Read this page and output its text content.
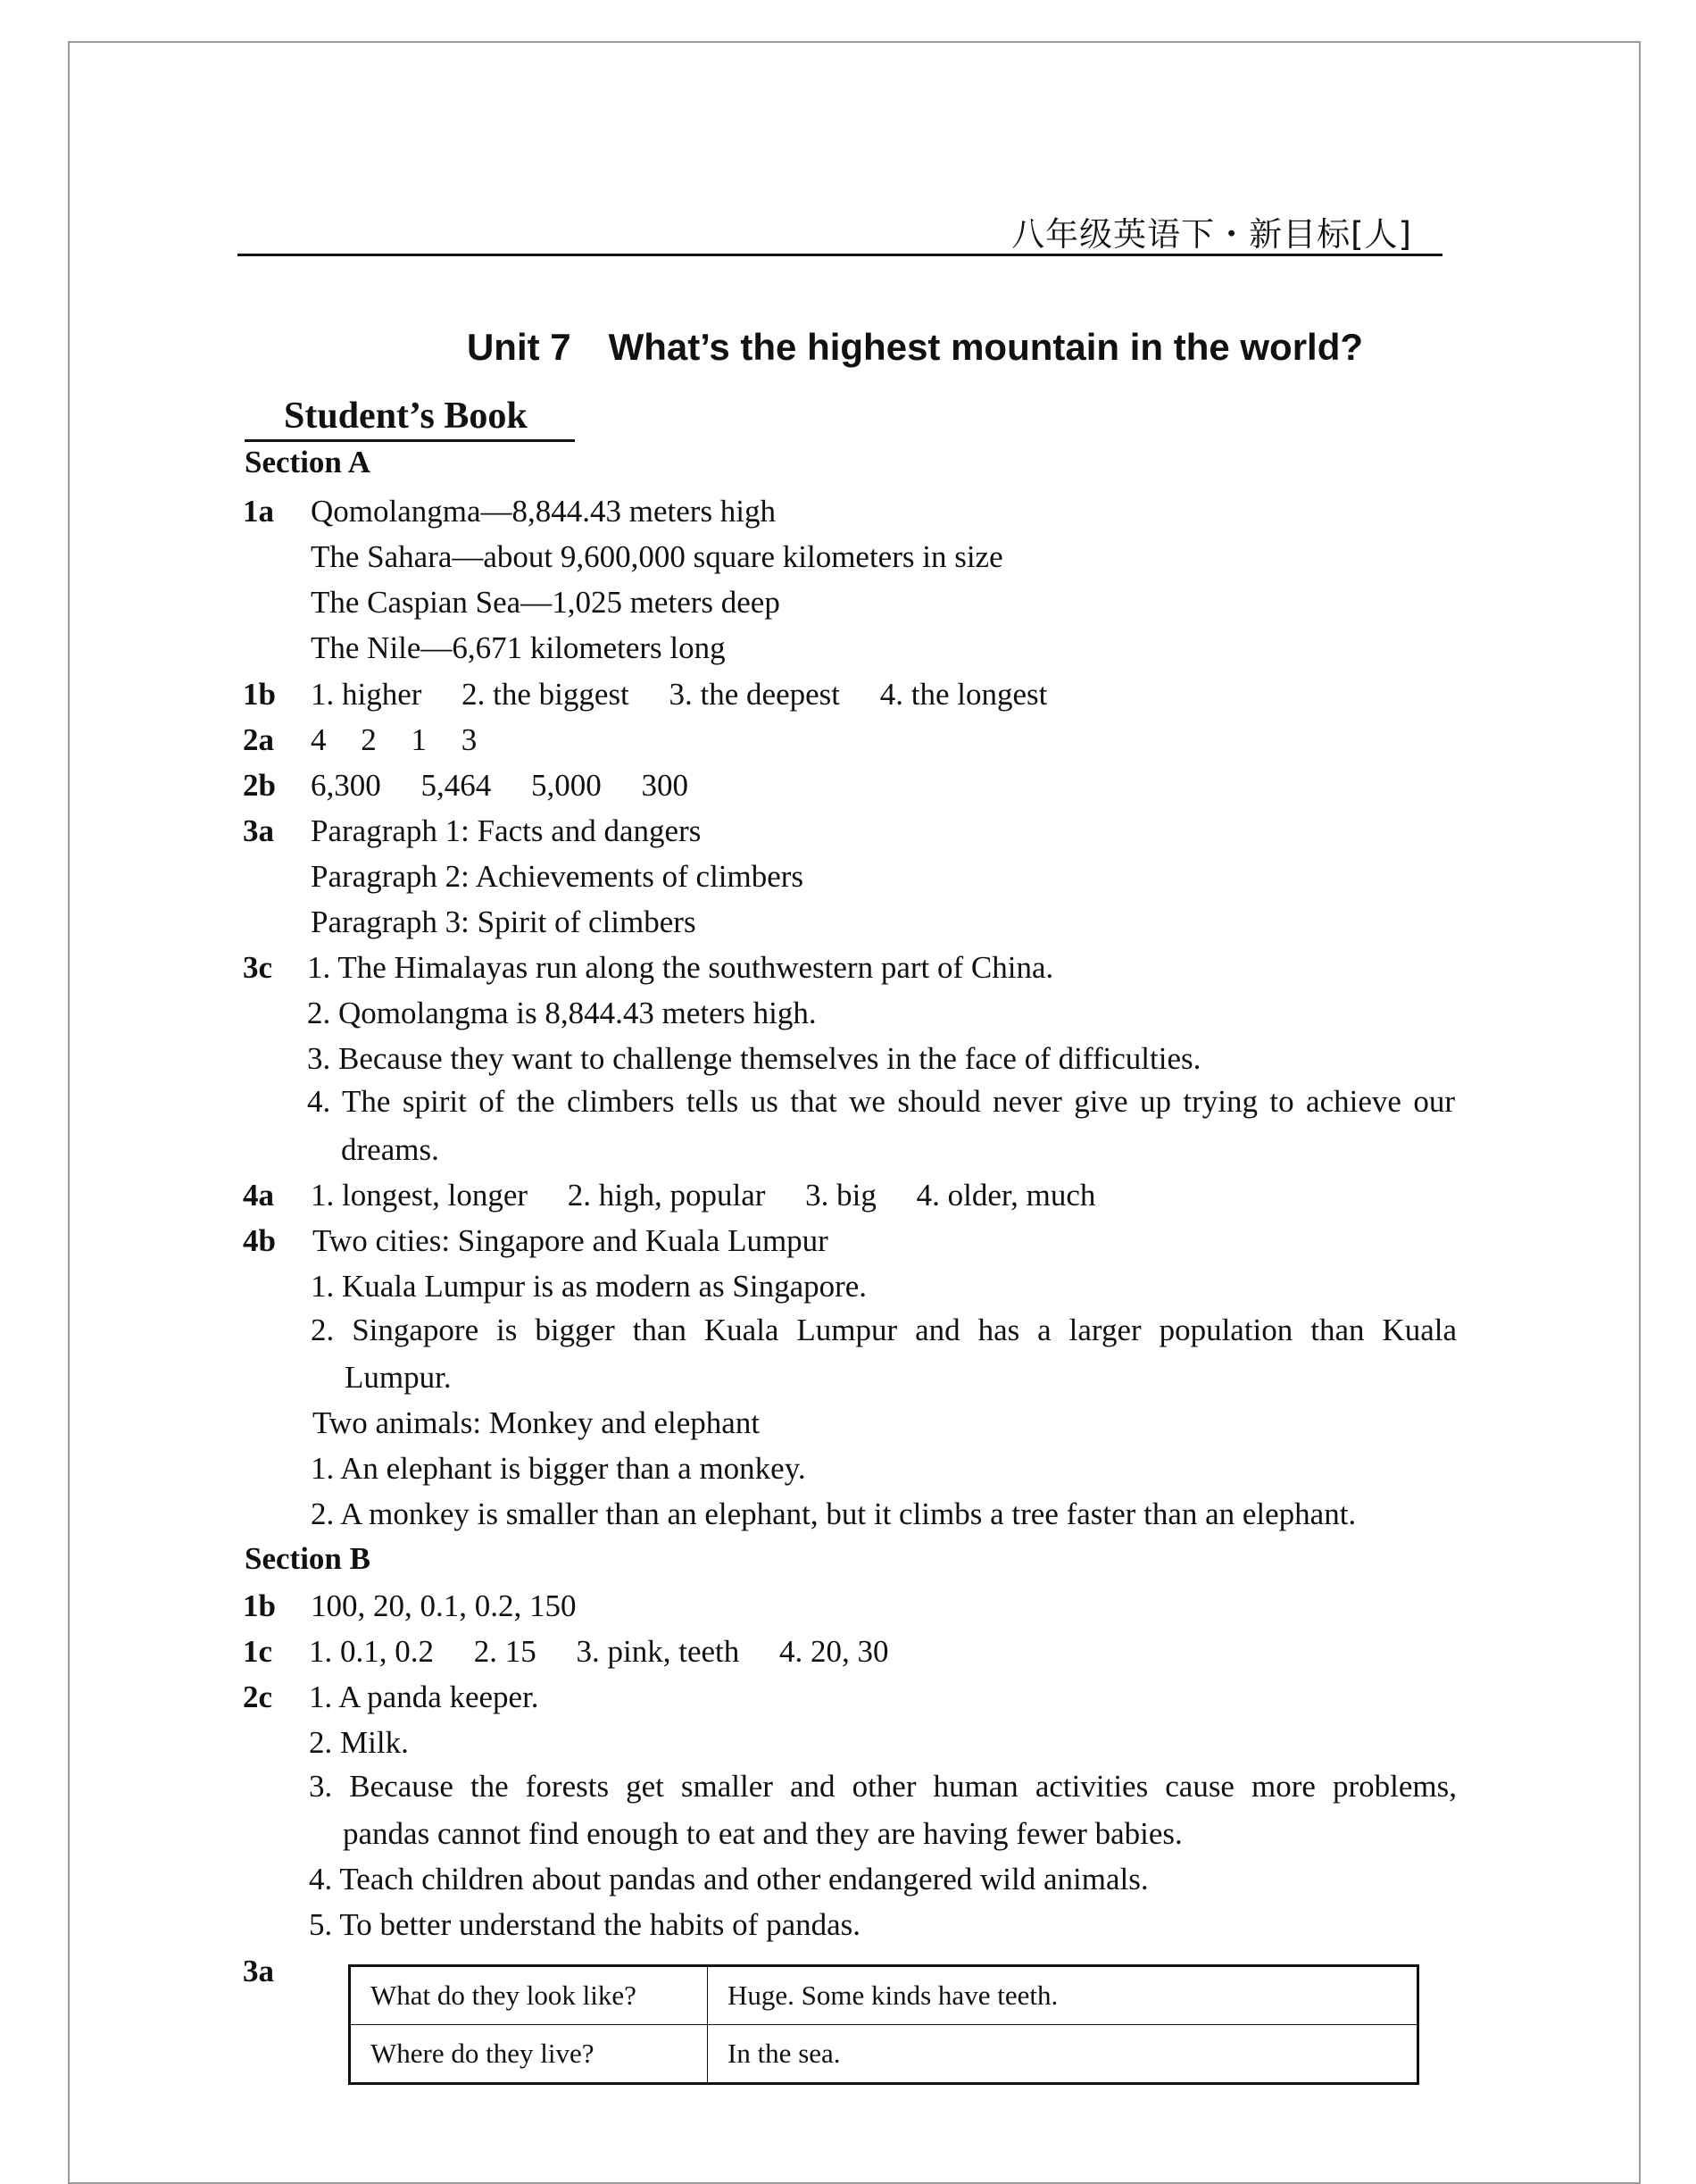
八年级英语下・新目标[人]
Unit 7　What’s the highest mountain in the world?
Student’s Book
Section A
1a Qomolangma—8,844.43 meters high
The Sahara—about 9,600,000 square kilometers in size
The Caspian Sea—1,025 meters deep
The Nile—6,671 kilometers long
1b 1. higher 2. the biggest 3. the deepest 4. the longest
2a 4 2 1 3
2b 6,300 5,464 5,000 300
3a Paragraph 1: Facts and dangers
Paragraph 2: Achievements of climbers
Paragraph 3: Spirit of climbers
3c 1. The Himalayas run along the southwestern part of China.
2. Qomolangma is 8,844.43 meters high.
3. Because they want to challenge themselves in the face of difficulties.
4. The spirit of the climbers tells us that we should never give up trying to achieve our
dreams.
4a 1. longest, longer 2. high, popular 3. big 4. older, much
4b Two cities: Singapore and Kuala Lumpur
1. Kuala Lumpur is as modern as Singapore.
2. Singapore is bigger than Kuala Lumpur and has a larger population than Kuala
Lumpur.
Two animals: Monkey and elephant
1. An elephant is bigger than a monkey.
2. A monkey is smaller than an elephant, but it climbs a tree faster than an elephant.
Section B
1b 100, 20, 0.1, 0.2, 150
1c 1. 0.1, 0.2 2. 15 3. pink, teeth 4. 20, 30
2c 1. A panda keeper.
2. Milk.
3. Because the forests get smaller and other human activities cause more problems,
pandas cannot find enough to eat and they are having fewer babies.
4. Teach children about pandas and other endangered wild animals.
5. To better understand the habits of pandas.
3a
What do they look like?	Huge. Some kinds have teeth.
Where do they live?	In the sea.
